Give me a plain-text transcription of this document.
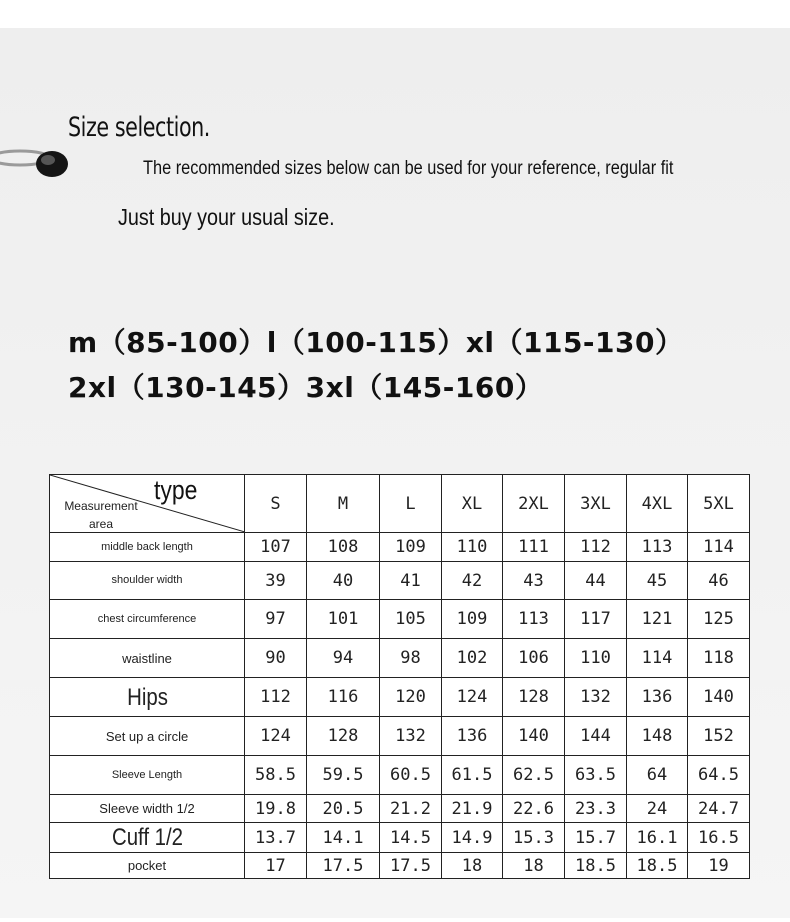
Size selection.
The recommended sizes below can be used for your reference, regular fit
Just buy your usual size.
m（85-100）l（100-115）xl（115-130）
2xl（130-145）3xl（145-160）
type
Measurement area	S	M	L	XL	2XL	3XL	4XL	5XL
middle back length	107	108	109	110	111	112	113	114
shoulder width	39	40	41	42	43	44	45	46
chest circumference	97	101	105	109	113	117	121	125
waistline	90	94	98	102	106	110	114	118
Hips	112	116	120	124	128	132	136	140
Set up a circle	124	128	132	136	140	144	148	152
Sleeve Length	58.5	59.5	60.5	61.5	62.5	63.5	64	64.5
Sleeve width 1/2	19.8	20.5	21.2	21.9	22.6	23.3	24	24.7
Cuff 1/2	13.7	14.1	14.5	14.9	15.3	15.7	16.1	16.5
pocket	17	17.5	17.5	18	18	18.5	18.5	19
